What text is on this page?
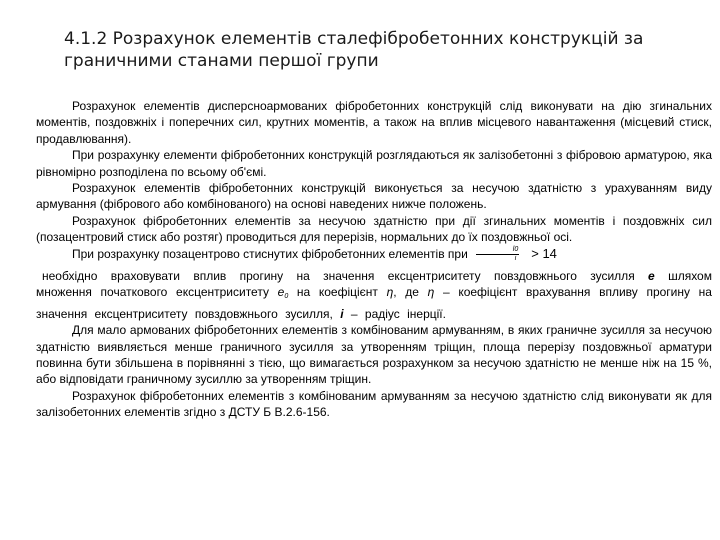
4.1.2 Розрахунок елементів сталефібробетонних конструкцій за граничними станами першої групи

Розрахунок елементів дисперсноармованих фібробетонних конструкцій слід виконувати на дію згинальних моментів, поздовжніх і поперечних сил, крутних моментів, а також на вплив місцевого навантаження (місцевий стиск, продавлювання).

При розрахунку елементи фібробетонних конструкцій розглядаються як залізобетонні з фібровою арматурою, яка рівномірно розподілена по всьому об'ємі.

Розрахунок елементів фібробетонних конструкцій виконується за несучою здатністю з урахуванням виду армування (фібрового або комбінованого) на основі наведених нижче положень.

Розрахунок фібробетонних елементів за несучою здатністю при дії згинальних моментів і поздовжніх сил (позацентровий стиск або розтяг) проводиться для перерізів, нормальних до їх поздовжньої осі.

При розрахунку позацентрово стиснутих фібробетонних елементів при $\frac{l0}{i} > 14$

необхідно враховувати вплив прогину на значення ексцентриситету повздовжнього зусилля е шляхом множення початкового ексцентриситету $е_0$ на коефіцієнт η, де η – коефіцієнт врахування впливу прогину на значення ексцентриситету повздовжнього зусилля, i – радіус інерції.

Для мало армованих фібробетонних елементів з комбінованим армуванням, в яких граничне зусилля за несучою здатністю виявляється менше граничного зусилля за утворенням тріщин, площа перерізу поздовжньої арматури повинна бути збільшена в порівнянні з тією, що вимагається розрахунком за несучою здатністю не менше ніж на 15 %, або відповідати граничному зусиллю за утворенням тріщин.

Розрахунок фібробетонних елементів з комбінованим армуванням за несучою здатністю слід виконувати як для залізобетонних елементів згідно з ДСТУ Б В.2.6-156.
